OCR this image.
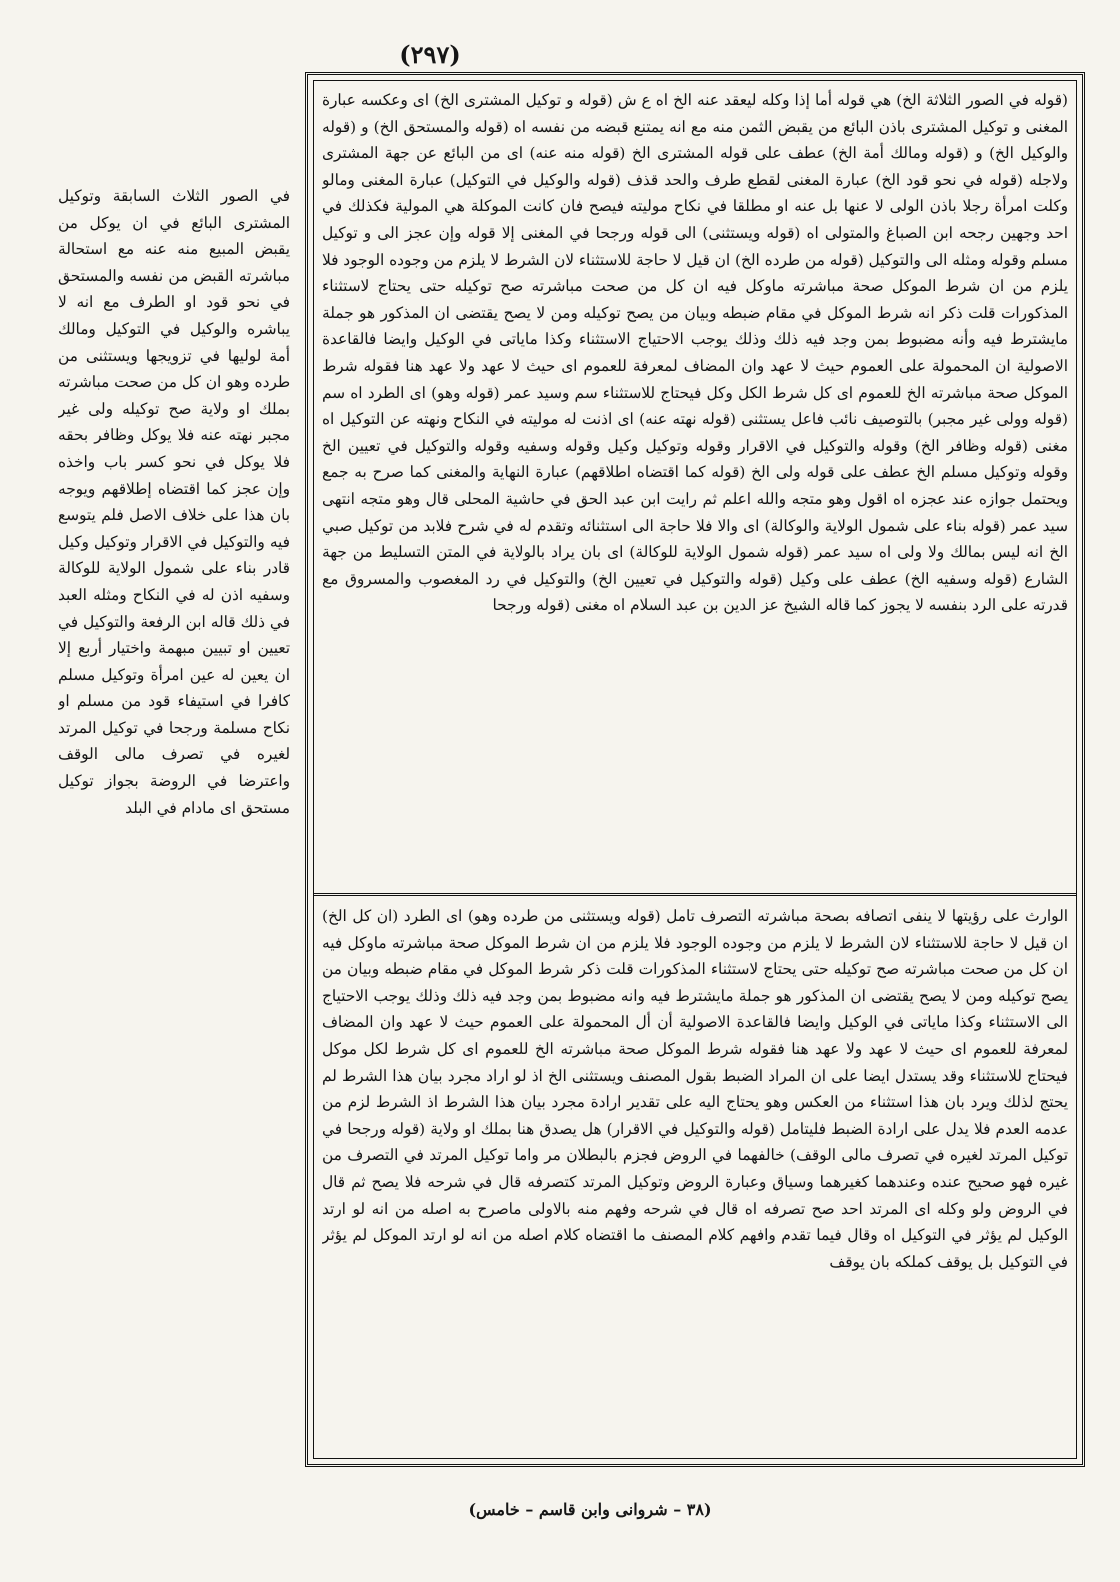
(٢٩٧)
في الصور الثلاث السابقة وتوكيل المشترى البائع في ان يوكل من يقبض المبيع منه عنه مع استحالة مباشرته القبض من نفسه والمستحق في نحو قود او الطرف مع انه لا يباشره والوكيل في التوكيل ومالك أمة لوليها في تزويجها ويستثنى من طرده وهو ان كل من صحت مباشرته بملك او ولاية صح توكيله ولى غير مجبر نهته عنه فلا يوكل وظافر بحقه فلا يوكل في نحو كسر باب واخذه وإن عجز كما اقتضاه إطلاقهم ويوجه بان هذا على خلاف الاصل فلم يتوسع فيه والتوكيل في الاقرار وتوكيل وكيل قادر بناء على شمول الولاية للوكالة وسفيه اذن له في النكاح ومثله العبد في ذلك قاله ابن الرفعة والتوكيل في تعيين او تبيين مبهمة واختيار أربع إلا ان يعين له عين امرأة وتوكيل مسلم كافرا في استيفاء قود من مسلم او نكاح مسلمة ورجحا في توكيل المرتد لغيره في تصرف مالى الوقف واعترضا في الروضة بجواز توكيل مستحق اى مادام في البلد
(قوله في الصور الثلاثة الخ) هي قوله أما إذا وكله ليعقد عنه الخ اه ع ش (قوله و توكيل المشترى الخ) اى وعكسه عبارة المغنى و توكيل المشترى باذن البائع من يقبض الثمن منه مع انه يمتنع قبضه من نفسه اه (قوله والمستحق الخ) و (قوله والوكيل الخ) و (قوله ومالك أمة الخ) عطف على قوله المشترى الخ (قوله منه عنه) اى من البائع عن جهة المشترى ولاجله (قوله في نحو قود الخ) عبارة المغنى لقطع طرف والحد قذف (قوله والوكيل في التوكيل) عبارة المغنى ومالو وكلت امرأة رجلا باذن الولى لا عنها بل عنه او مطلقا في نكاح موليته فيصح فان كانت الموكلة هي المولية فكذلك في احد وجهين رجحه ابن الصباغ والمتولى اه (قوله ويستثنى) الى قوله ورجحا في المغنى إلا قوله وإن عجز الى و توكيل مسلم وقوله ومثله الى والتوكيل (قوله من طرده الخ) ان قيل لا حاجة للاستثناء لان الشرط لا يلزم من وجوده الوجود فلا يلزم من ان شرط الموكل صحة مباشرته ماوكل فيه ان كل من صحت مباشرته صح توكيله حتى يحتاج لاستثناء المذكورات قلت ذكر انه شرط الموكل في مقام ضبطه وبيان من يصح توكيله ومن لا يصح يقتضى ان المذكور هو جملة مايشترط فيه وأنه مضبوط بمن وجد فيه ذلك وذلك يوجب الاحتياج الاستثناء وكذا ماياتى في الوكيل وايضا فالقاعدة الاصولية ان المحمولة على العموم حيث لا عهد وان المضاف لمعرفة للعموم اى حيث لا عهد ولا عهد هنا فقوله شرط الموكل صحة مباشرته الخ للعموم اى كل شرط الكل وكل فيحتاج للاستثناء سم وسيد عمر (قوله وهو) اى الطرد اه سم (قوله وولى غير مجبر) بالتوصيف نائب فاعل يستثنى (قوله نهته عنه) اى اذنت له موليته في النكاح ونهته عن التوكيل اه مغنى (قوله وظافر الخ) وقوله والتوكيل في الاقرار وقوله وتوكيل وكيل وقوله وسفيه وقوله والتوكيل في تعيين الخ وقوله وتوكيل مسلم الخ عطف على قوله ولى الخ (قوله كما اقتضاه اطلاقهم) عبارة النهاية والمغنى كما صرح به جمع ويحتمل جوازه عند عجزه اه اقول وهو متجه والله اعلم ثم رايت ابن عبد الحق في حاشية المحلى قال وهو متجه انتهى سيد عمر (قوله بناء على شمول الولاية والوكالة) اى والا فلا حاجة الى استثنائه وتقدم له في شرح فلابد من توكيل صبي الخ انه ليس بمالك ولا ولى اه سيد عمر (قوله شمول الولاية للوكالة) اى بان يراد بالولاية في المتن التسليط من جهة الشارع (قوله وسفيه الخ) عطف على وكيل (قوله والتوكيل في تعيين الخ) والتوكيل في رد المغصوب والمسروق مع قدرته على الرد بنفسه لا يجوز كما قاله الشيخ عز الدين بن عبد السلام اه مغنى (قوله ورجحا
الوارث على رؤيتها لا ينفى اتصافه بصحة مباشرته التصرف تامل (قوله ويستثنى من طرده وهو) اى الطرد (ان كل الخ) ان قيل لا حاجة للاستثناء لان الشرط لا يلزم من وجوده الوجود فلا يلزم من ان شرط الموكل صحة مباشرته ماوكل فيه ان كل من صحت مباشرته صح توكيله حتى يحتاج لاستثناء المذكورات قلت ذكر شرط الموكل في مقام ضبطه وبيان من يصح توكيله ومن لا يصح يقتضى ان المذكور هو جملة مايشترط فيه وانه مضبوط بمن وجد فيه ذلك وذلك يوجب الاحتياج الى الاستثناء وكذا ماياتى في الوكيل وايضا فالقاعدة الاصولية أن أل المحمولة على العموم حيث لا عهد وان المضاف لمعرفة للعموم اى حيث لا عهد ولا عهد هنا فقوله شرط الموكل صحة مباشرته الخ للعموم اى كل شرط لكل موكل فيحتاج للاستثناء وقد يستدل ايضا على ان المراد الضبط بقول المصنف ويستثنى الخ اذ لو اراد مجرد بيان هذا الشرط لم يحتج لذلك ويرد بان هذا استثناء من العكس وهو يحتاج اليه على تقدير ارادة مجرد بيان هذا الشرط اذ الشرط لزم من عدمه العدم فلا يدل على ارادة الضبط فليتامل (قوله والتوكيل في الاقرار) هل يصدق هنا بملك او ولاية (قوله ورجحا في توكيل المرتد لغيره في تصرف مالى الوقف) خالفهما في الروض فجزم بالبطلان مر واما توكيل المرتد في التصرف من غيره فهو صحيح عنده وعندهما كغيرهما وسياق وعبارة الروض وتوكيل المرتد كتصرفه قال في شرحه فلا يصح ثم قال في الروض ولو وكله اى المرتد احد صح تصرفه اه قال في شرحه وفهم منه بالاولى ماصرح به اصله من انه لو ارتد الوكيل لم يؤثر في التوكيل اه وقال فيما تقدم وافهم كلام المصنف ما اقتضاه كلام اصله من انه لو ارتد الموكل لم يؤثر في التوكيل بل يوقف كملكه بان يوقف
(٣٨ – شروانى وابن قاسم – خامس)
